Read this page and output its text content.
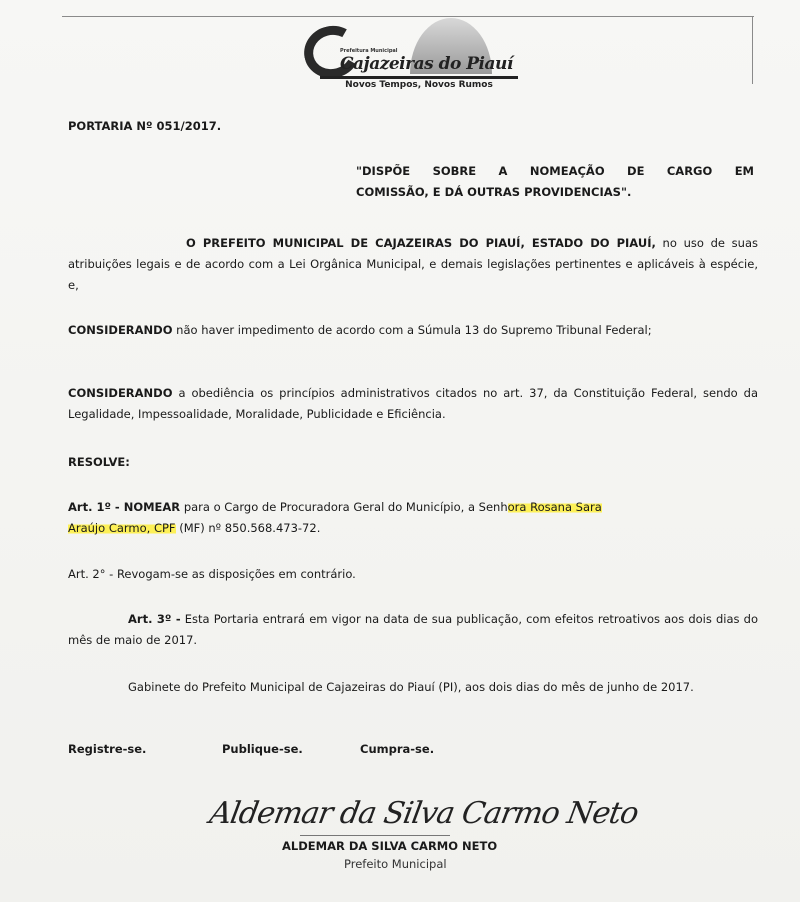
Prefeitura Municipal
Cajazeiras do Piauí
Novos Tempos, Novos Rumos
PORTARIA Nº 051/2017.
"DISPÕE SOBRE A NOMEAÇÃO DE CARGO EM
COMISSÃO, E DÁ OUTRAS PROVIDENCIAS".
O PREFEITO MUNICIPAL DE CAJAZEIRAS DO PIAUÍ, ESTADO DO PIAUÍ, no uso de suas atribuições legais e de acordo com a Lei Orgânica Municipal, e demais legislações pertinentes e aplicáveis à espécie, e,
CONSIDERANDO não haver impedimento de acordo com a Súmula 13 do Supremo Tribunal Federal;
CONSIDERANDO a obediência os princípios administrativos citados no art. 37, da Constituição Federal, sendo da Legalidade, Impessoalidade, Moralidade, Publicidade e Eficiência.
RESOLVE:
Art. 1º - NOMEAR para o Cargo de Procuradora Geral do Município, a Senhora Rosana Sara
Araújo Carmo, CPF (MF) nº 850.568.473-72.
Art. 2° - Revogam-se as disposições em contrário.
Art. 3º - Esta Portaria entrará em vigor na data de sua publicação, com efeitos retroativos aos dois dias do mês de maio de 2017.
Gabinete do Prefeito Municipal de Cajazeiras do Piauí (PI), aos dois dias do mês de junho de 2017.
Registre-se.	Publique-se.	Cumpra-se.
Aldemar da Silva Carmo Neto
ALDEMAR DA SILVA CARMO NETO
Prefeito Municipal
